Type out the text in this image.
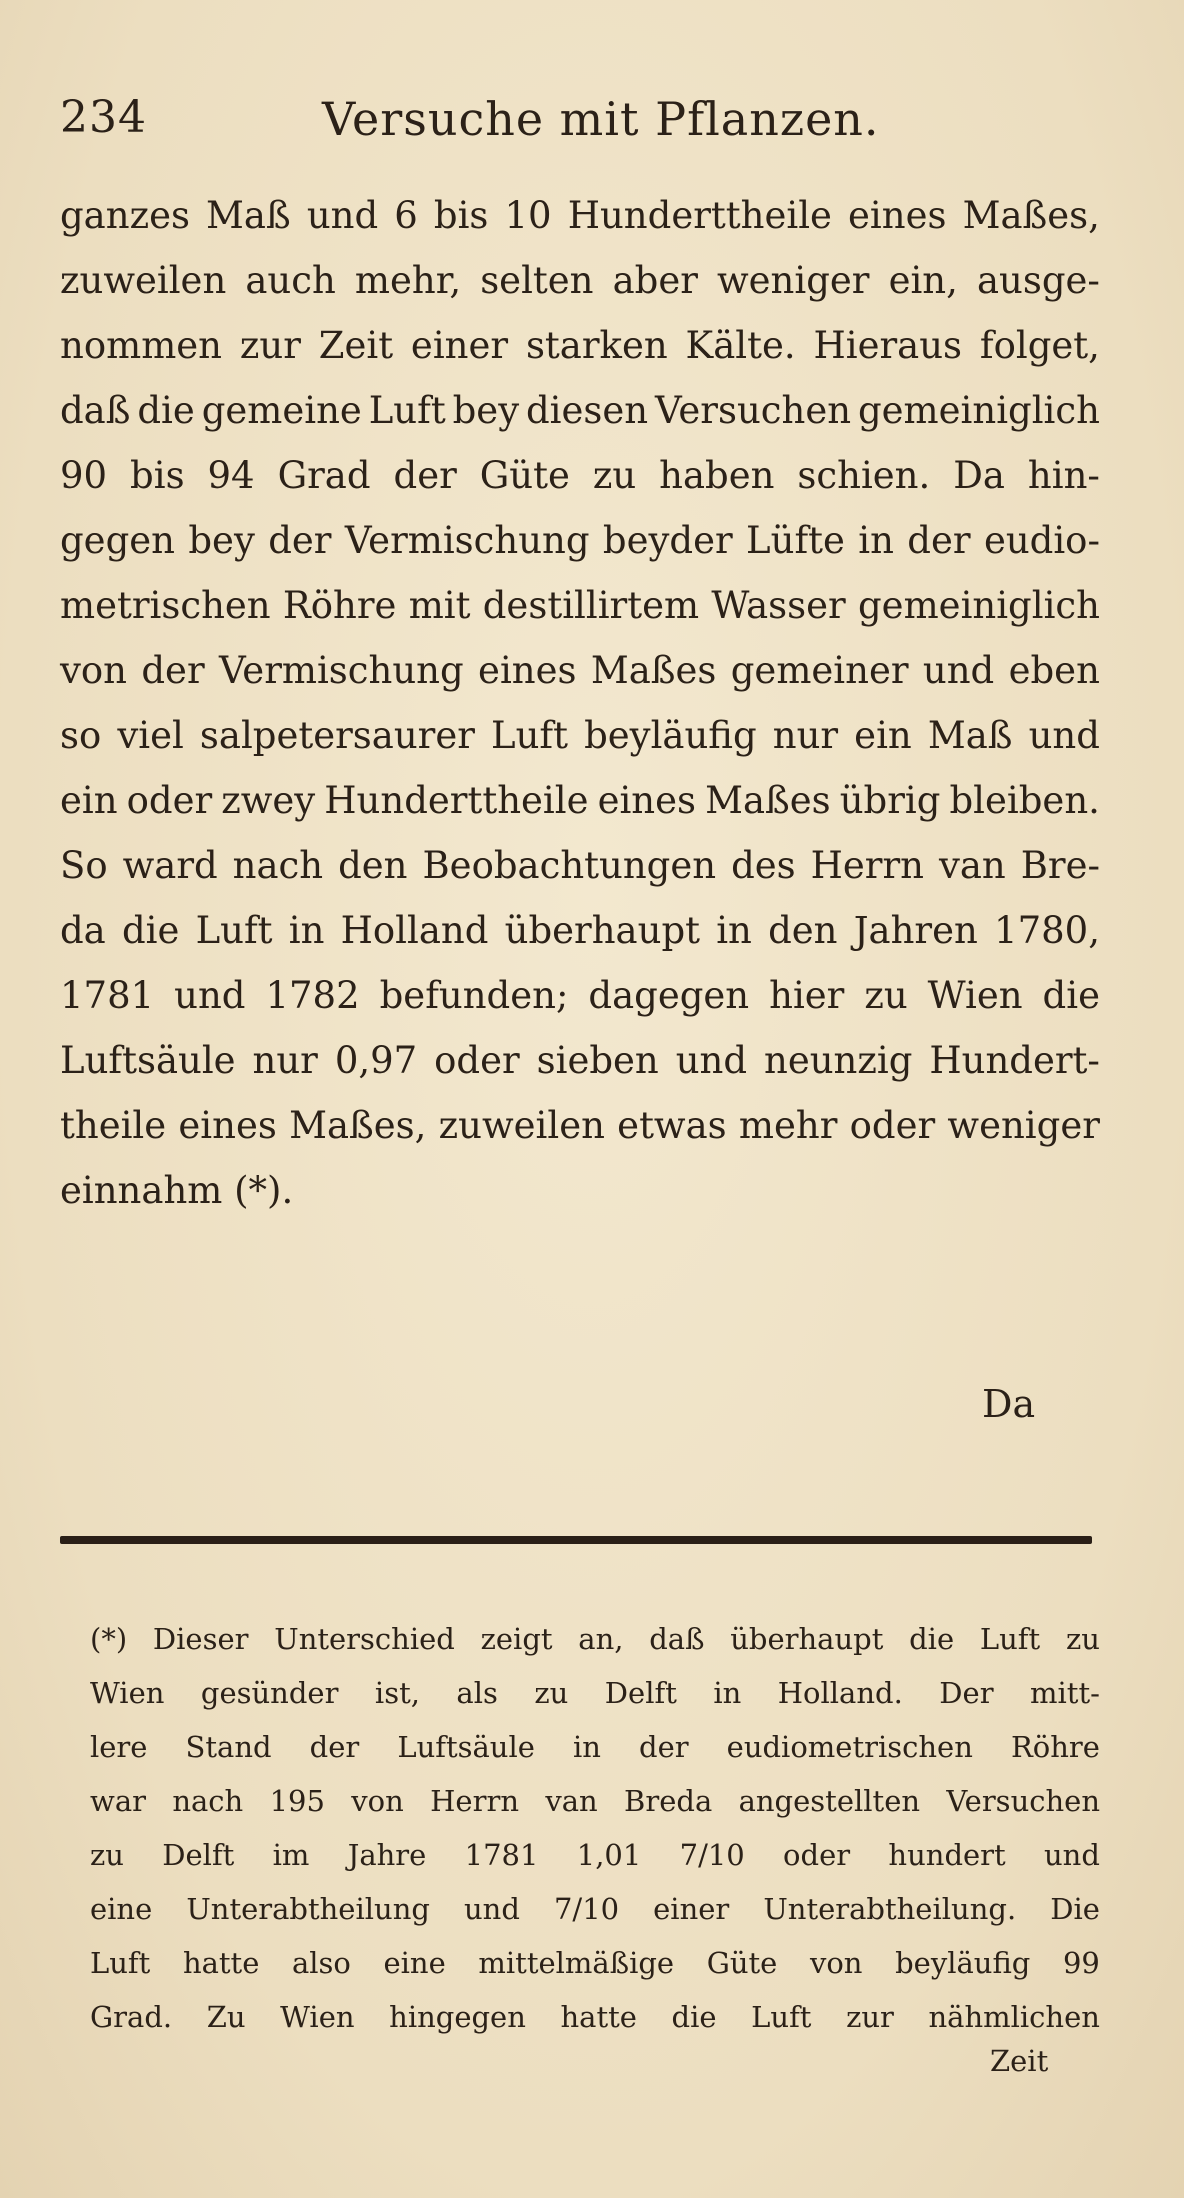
234	Versuche mit Pflanzen.
ganzes Maß und 6 bis 10 Hunderttheile eines Maßes,
zuweilen auch mehr, selten aber weniger ein, ausge-
nommen zur Zeit einer starken Kälte. Hieraus folget,
daß die gemeine Luft bey diesen Versuchen gemeiniglich
90 bis 94 Grad der Güte zu haben schien. Da hin-
gegen bey der Vermischung beyder Lüfte in der eudio-
metrischen Röhre mit destillirtem Wasser gemeiniglich
von der Vermischung eines Maßes gemeiner und eben
so viel salpetersaurer Luft beyläufig nur ein Maß und
ein oder zwey Hunderttheile eines Maßes übrig bleiben.
So ward nach den Beobachtungen des Herrn van Bre-
da die Luft in Holland überhaupt in den Jahren 1780,
1781 und 1782 befunden; dagegen hier zu Wien die
Luftsäule nur 0,97 oder sieben und neunzig Hundert-
theile eines Maßes, zuweilen etwas mehr oder weniger
einnahm (*).
Da
(*) Dieser Unterschied zeigt an, daß überhaupt die Luft zu
Wien gesünder ist, als zu Delft in Holland. Der mitt-
lere Stand der Luftsäule in der eudiometrischen Röhre
war nach 195 von Herrn van Breda angestellten Versuchen
zu Delft im Jahre 1781 1,01 7/10 oder hundert und
eine Unterabtheilung und 7/10 einer Unterabtheilung. Die
Luft hatte also eine mittelmäßige Güte von beyläufig 99
Grad. Zu Wien hingegen hatte die Luft zur nähmlichen
Zeit
